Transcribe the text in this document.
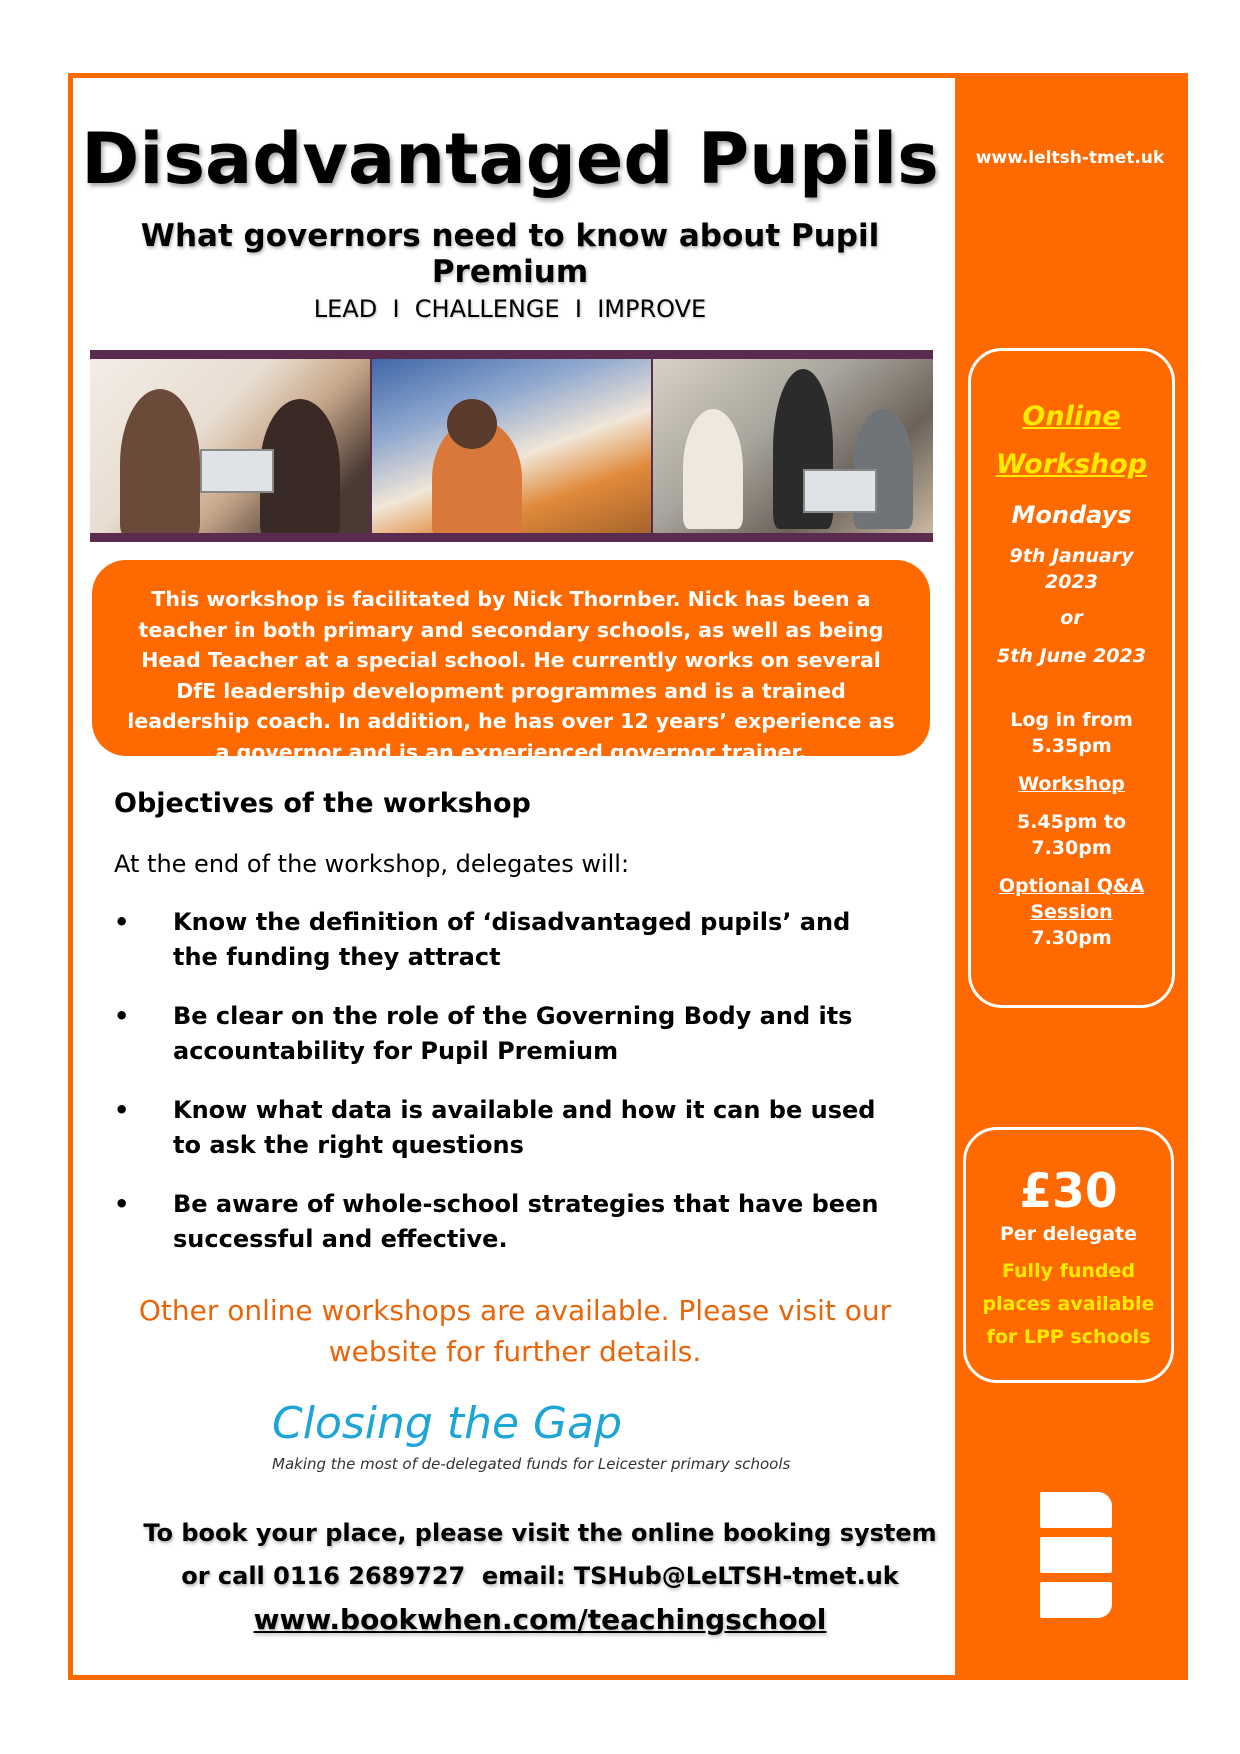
Disadvantaged Pupils
What governors need to know about Pupil Premium
LEAD  I  CHALLENGE  I  IMPROVE
This workshop is facilitated by Nick Thornber. Nick has been a teacher in both primary and secondary schools, as well as being Head Teacher at a special school. He currently works on several DfE leadership development programmes and is a trained leadership coach. In addition, he has over 12 years’ experience as a governor and is an experienced governor trainer.
Objectives of the workshop
At the end of the workshop, delegates will:
• Know the definition of ‘disadvantaged pupils’ and the funding they attract
• Be clear on the role of the Governing Body and its accountability for Pupil Premium
• Know what data is available and how it can be used to ask the right questions
• Be aware of whole-school strategies that have been successful and effective.
Other online workshops are available. Please visit our website for further details.
Closing the Gap
Making the most of de-delegated funds for Leicester primary schools
To book your place, please visit the online booking system
or call 0116 2689727  email: TSHub@LeLTSH-tmet.uk
www.bookwhen.com/teachingschool
www.leltsh-tmet.uk
Online
Workshop
Mondays
9th January
2023
or
5th June 2023
Log in from
5.35pm
Workshop
5.45pm to
7.30pm
Optional Q&A
Session
7.30pm
£30
Per delegate
Fully funded
places available
for LPP schools
